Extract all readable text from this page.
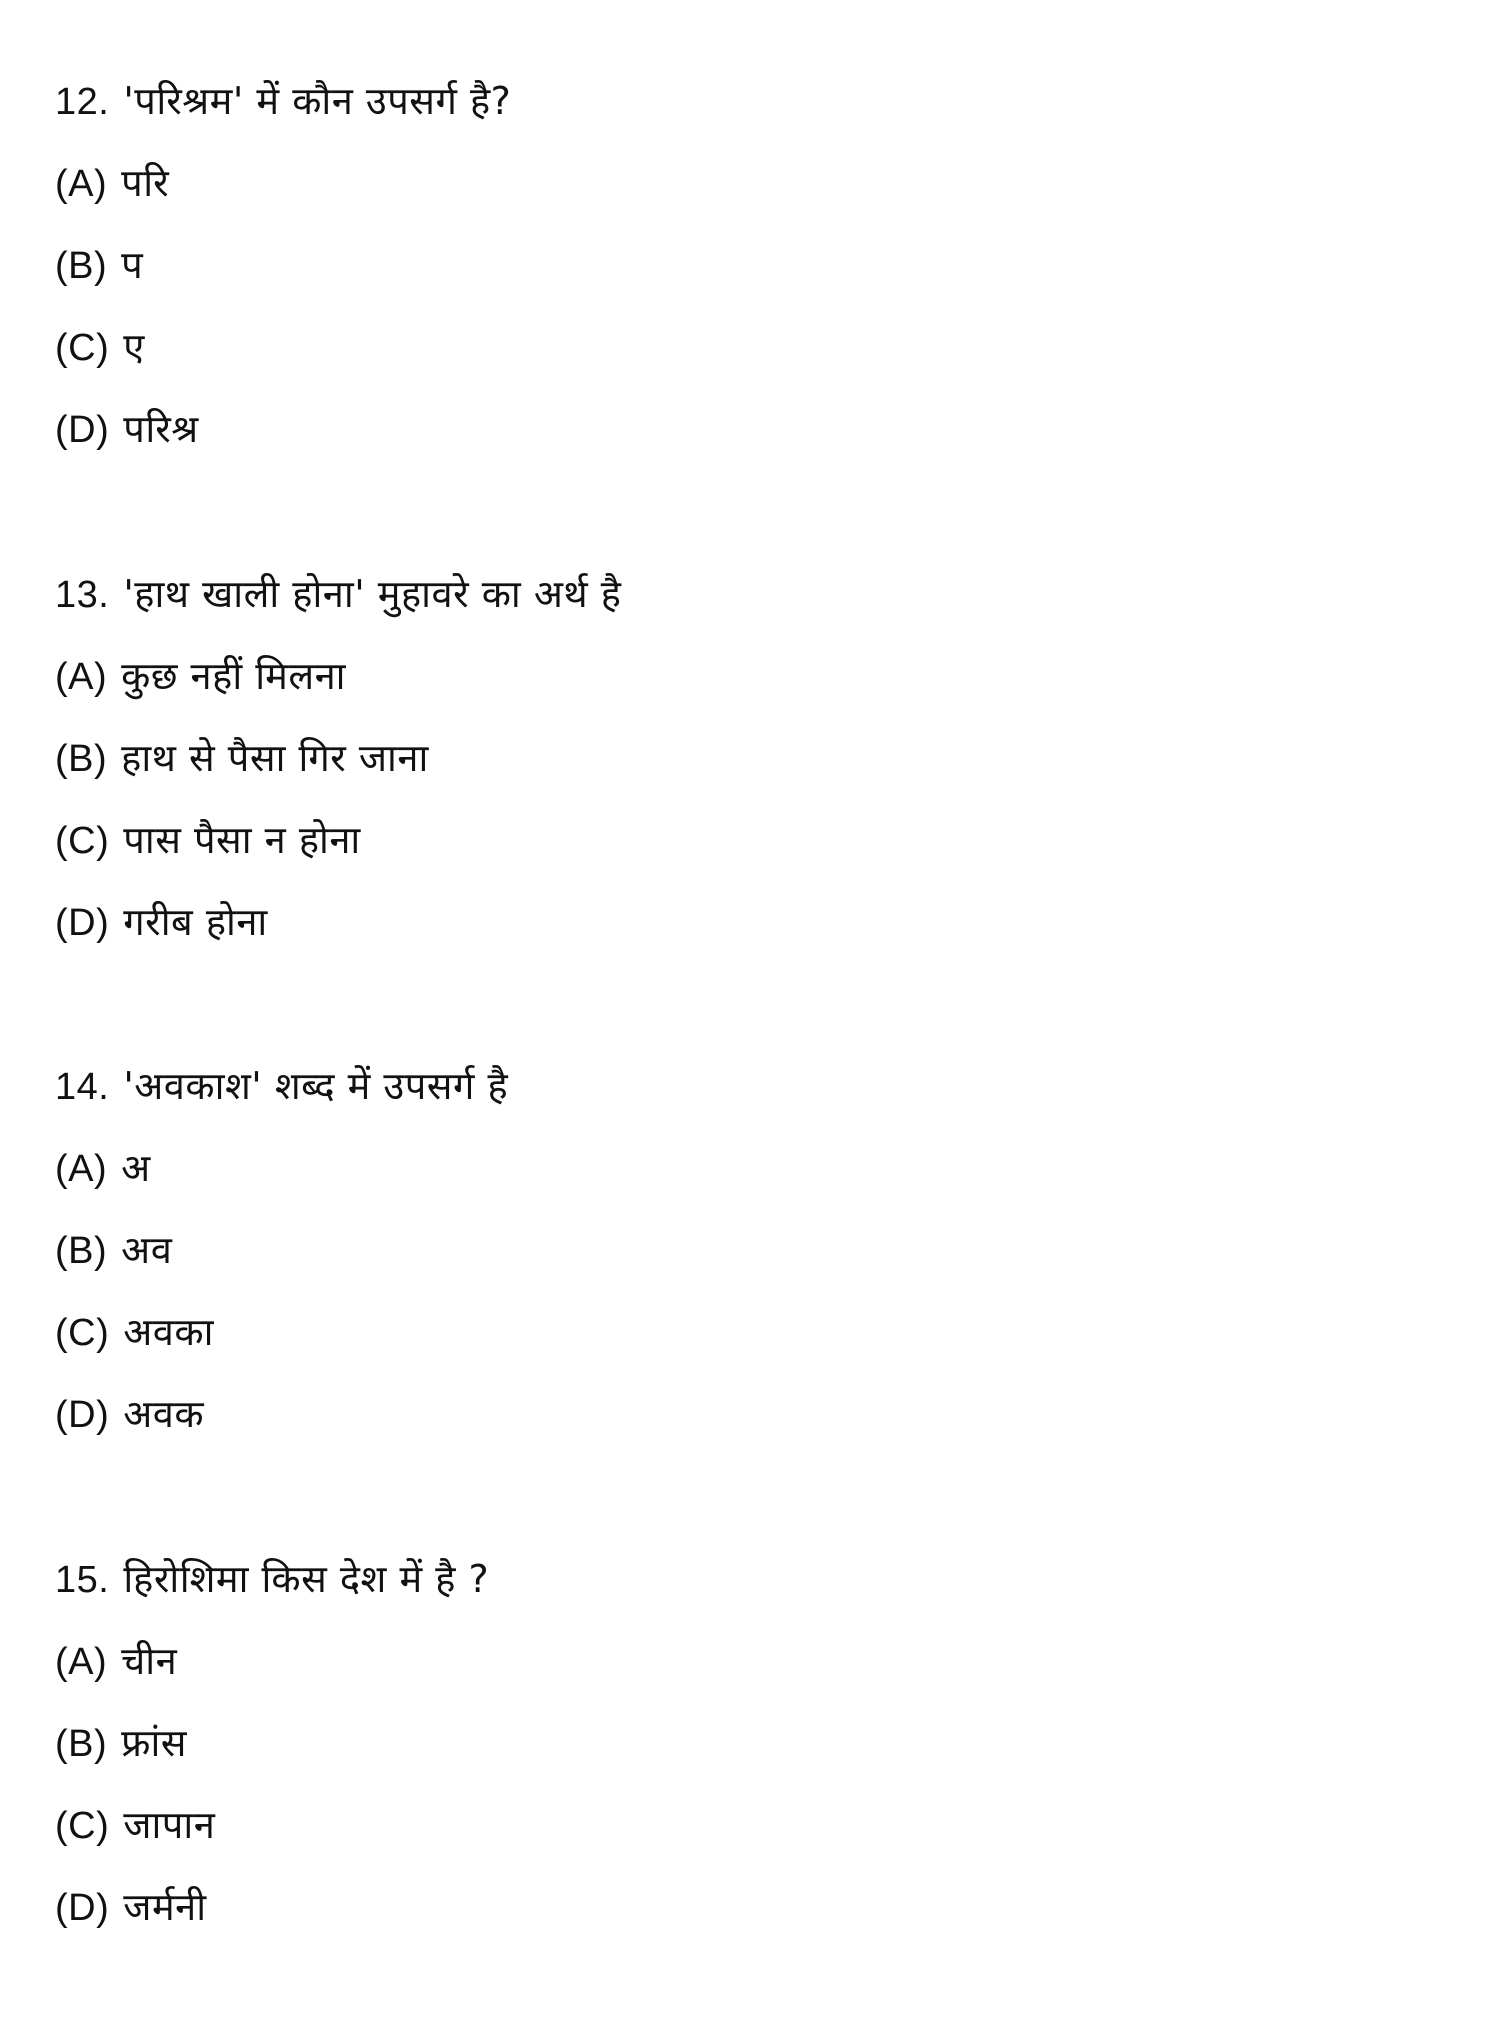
12. 'परिश्रम' में कौन उपसर्ग है?
(A) परि
(B) प
(C) ए
(D) परिश्र
13. 'हाथ खाली होना' मुहावरे का अर्थ है
(A) कुछ नहीं मिलना
(B) हाथ से पैसा गिर जाना
(C) पास पैसा न होना
(D) गरीब होना
14. 'अवकाश' शब्द में उपसर्ग है
(A) अ
(B) अव
(C) अवका
(D) अवक
15. हिरोशिमा किस देश में है ?
(A) चीन
(B) फ्रांस
(C) जापान
(D) जर्मनी
